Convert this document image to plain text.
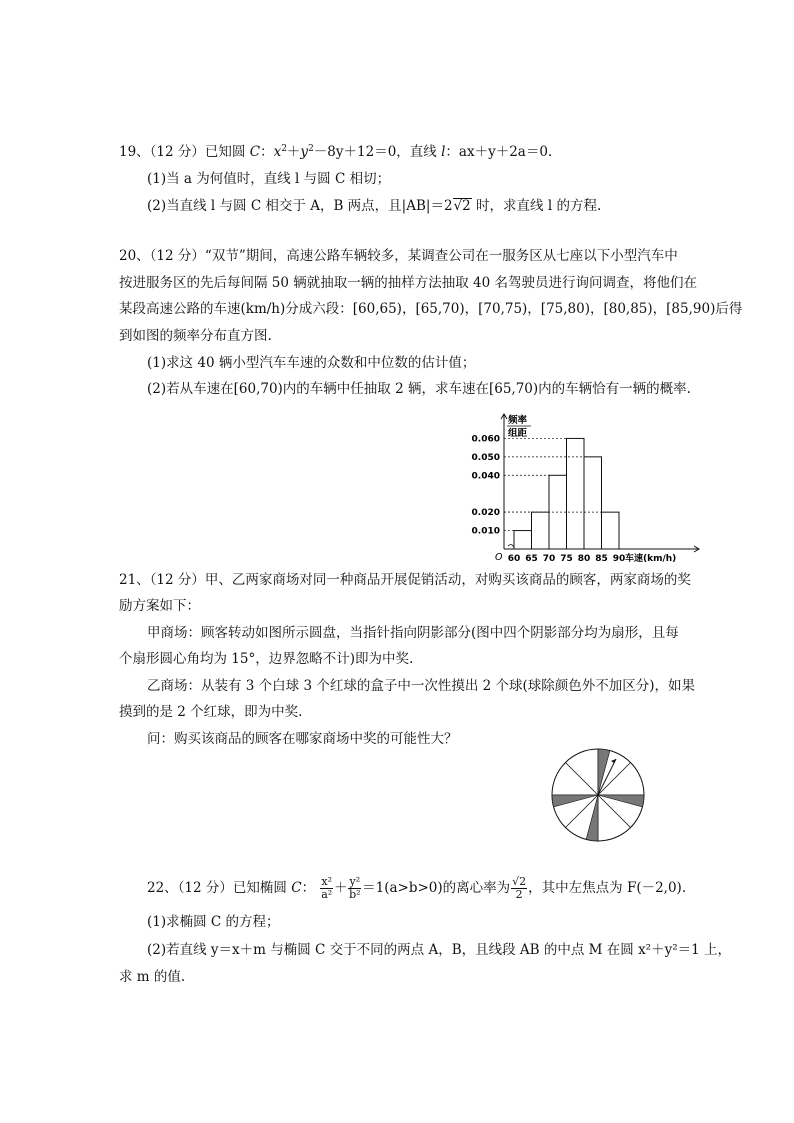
19、（12 分）已知圆 C：$x^2+y^2-8y+12=0$，直线 l：ax＋y＋2a＝0.
(1)当 a 为何值时，直线 l 与圆 C 相切；
(2)当直线 l 与圆 C 相交于 A，B 两点，且|AB|＝2√2 时，求直线 l 的方程.
20、（12 分）“双节”期间，高速公路车辆较多，某调查公司在一服务区从七座以下小型汽车中
按进服务区的先后每间隔 50 辆就抽取一辆的抽样方法抽取 40 名驾驶员进行询问调查，将他们在
某段高速公路的车速(km/h)分成六段：[60,65)，[65,70)，[70,75)，[75,80)，[80,85)，[85,90)后得
到如图的频率分布直方图.
(1)求这 40 辆小型汽车车速的众数和中位数的估计值；
(2)若从车速在[60,70)内的车辆中任抽取 2 辆，求车速在[65,70)内的车辆恰有一辆的概率.
频率
组距
0.010
0.020
0.040
0.050
0.060
60 65 70 75 80 85 90 车速(km/h)
O
21、（12 分）甲、乙两家商场对同一种商品开展促销活动，对购买该商品的顾客，两家商场的奖
励方案如下：
甲商场：顾客转动如图所示圆盘，当指针指向阴影部分(图中四个阴影部分均为扇形，且每
个扇形圆心角均为 15°，边界忽略不计)即为中奖.
乙商场：从装有 3 个白球 3 个红球的盒子中一次性摸出 2 个球(球除颜色外不加区分)，如果
摸到的是 2 个红球，即为中奖.
问：购买该商品的顾客在哪家商场中奖的可能性大？
22、（12 分）已知椭圆 C： $\frac{\text{x²}}{\text{a²}} + \frac{\text{y²}}{\text{b²}} =1(a>b>0)$的离心率为 $\frac{√2}{2}$ ，其中左焦点为 F(－2,0).
(1)求椭圆 C 的方程；
(2)若直线 y＝x＋m 与椭圆 C 交于不同的两点 A，B，且线段 AB 的中点 M 在圆 x²＋y²＝1 上，
求 m 的值.
